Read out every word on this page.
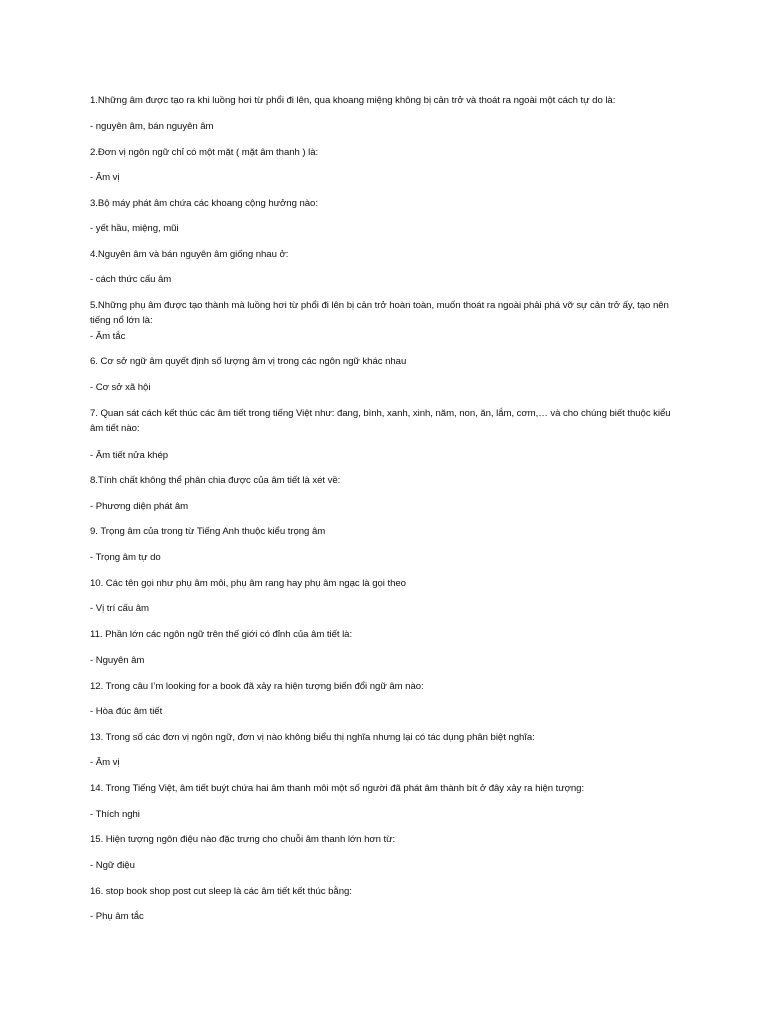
1.Những âm được tạo ra khi luồng hơi từ phổi đi lên, qua khoang miệng không bị cản trở và thoát ra ngoài một cách tự do là:
- nguyên âm, bán nguyên âm
2.Đơn vị ngôn ngữ chỉ có một mặt ( mặt âm thanh ) là:
- Âm vị
3.Bộ máy phát âm chứa các khoang cộng hưởng nào:
- yết hầu, miệng, mũi
4.Nguyên âm và bán nguyên âm giống nhau ở:
- cách thức cấu âm
5.Những phụ âm được tạo thành mà luồng hơi từ phổi đi lên bị cản trở hoàn toàn, muốn thoát ra ngoài phải phá vỡ sự cản trở ấy, tạo nên tiếng nổ lớn là:
- Âm tắc
6. Cơ sở ngữ âm quyết định số lượng âm vị trong các ngôn ngữ khác nhau
- Cơ sở xã hội
7. Quan sát cách kết thúc các âm tiết trong tiếng Việt như: đang, bình, xanh, xinh, năm, non, ăn, lắm, cơm,… và cho chúng biết thuộc kiểu âm tiết nào:
- Âm tiết nửa khép
8.Tính chất không thể phân chia được của âm tiết là xét về:
- Phương diện phát âm
9. Trọng âm của trong từ Tiếng Anh thuộc kiểu trọng âm
- Trọng âm tự do
10. Các tên gọi như phụ âm môi, phụ âm rang hay phụ âm ngạc là gọi theo
- Vị trí cấu âm
11. Phần lớn các ngôn ngữ trên thế giới có đỉnh của âm tiết là:
- Nguyên âm
12. Trong câu I’m looking for a book đã xảy ra hiện tượng biến đổi ngữ âm nào:
- Hòa đúc âm tiết
13. Trong số các đơn vị ngôn ngữ, đơn vị nào không biểu thị nghĩa nhưng lại có tác dụng phân biệt nghĩa:
- Âm vị
14. Trong Tiếng Việt, âm tiết buýt chứa hai âm thanh môi một số người đã phát âm thành bít ở đây xảy ra hiện tượng:
- Thích nghi
15. Hiện tượng ngôn điệu nào đặc trưng cho chuỗi âm thanh lớn hơn từ:
- Ngữ điệu
16. stop book shop post cut sleep là các âm tiết kết thúc bằng:
- Phụ âm tắc
